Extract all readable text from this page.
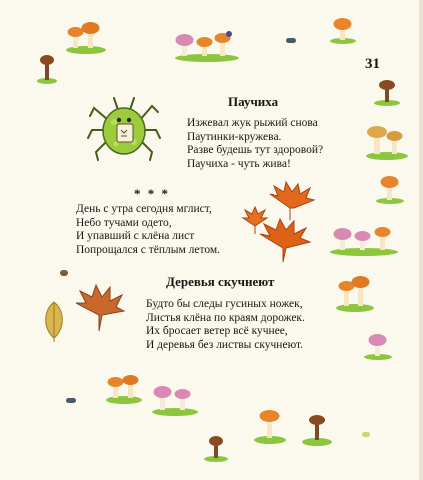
31
Паучиха
Изжевал жук рыжий снова
Паутинки-кружева.
Разве будешь тут здоровой?
Паучиха - чуть жива!
* * *
День с утра сегодня мглист,
Небо тучами одето,
И упавший с клёна лист
Попрощался с тёплым летом.
Деревья скучнеют
Будто бы следы гусиных ножек,
Листья клёна по краям дорожек.
Их бросает ветер всё кучнее,
И деревья без листвы скучнеют.
